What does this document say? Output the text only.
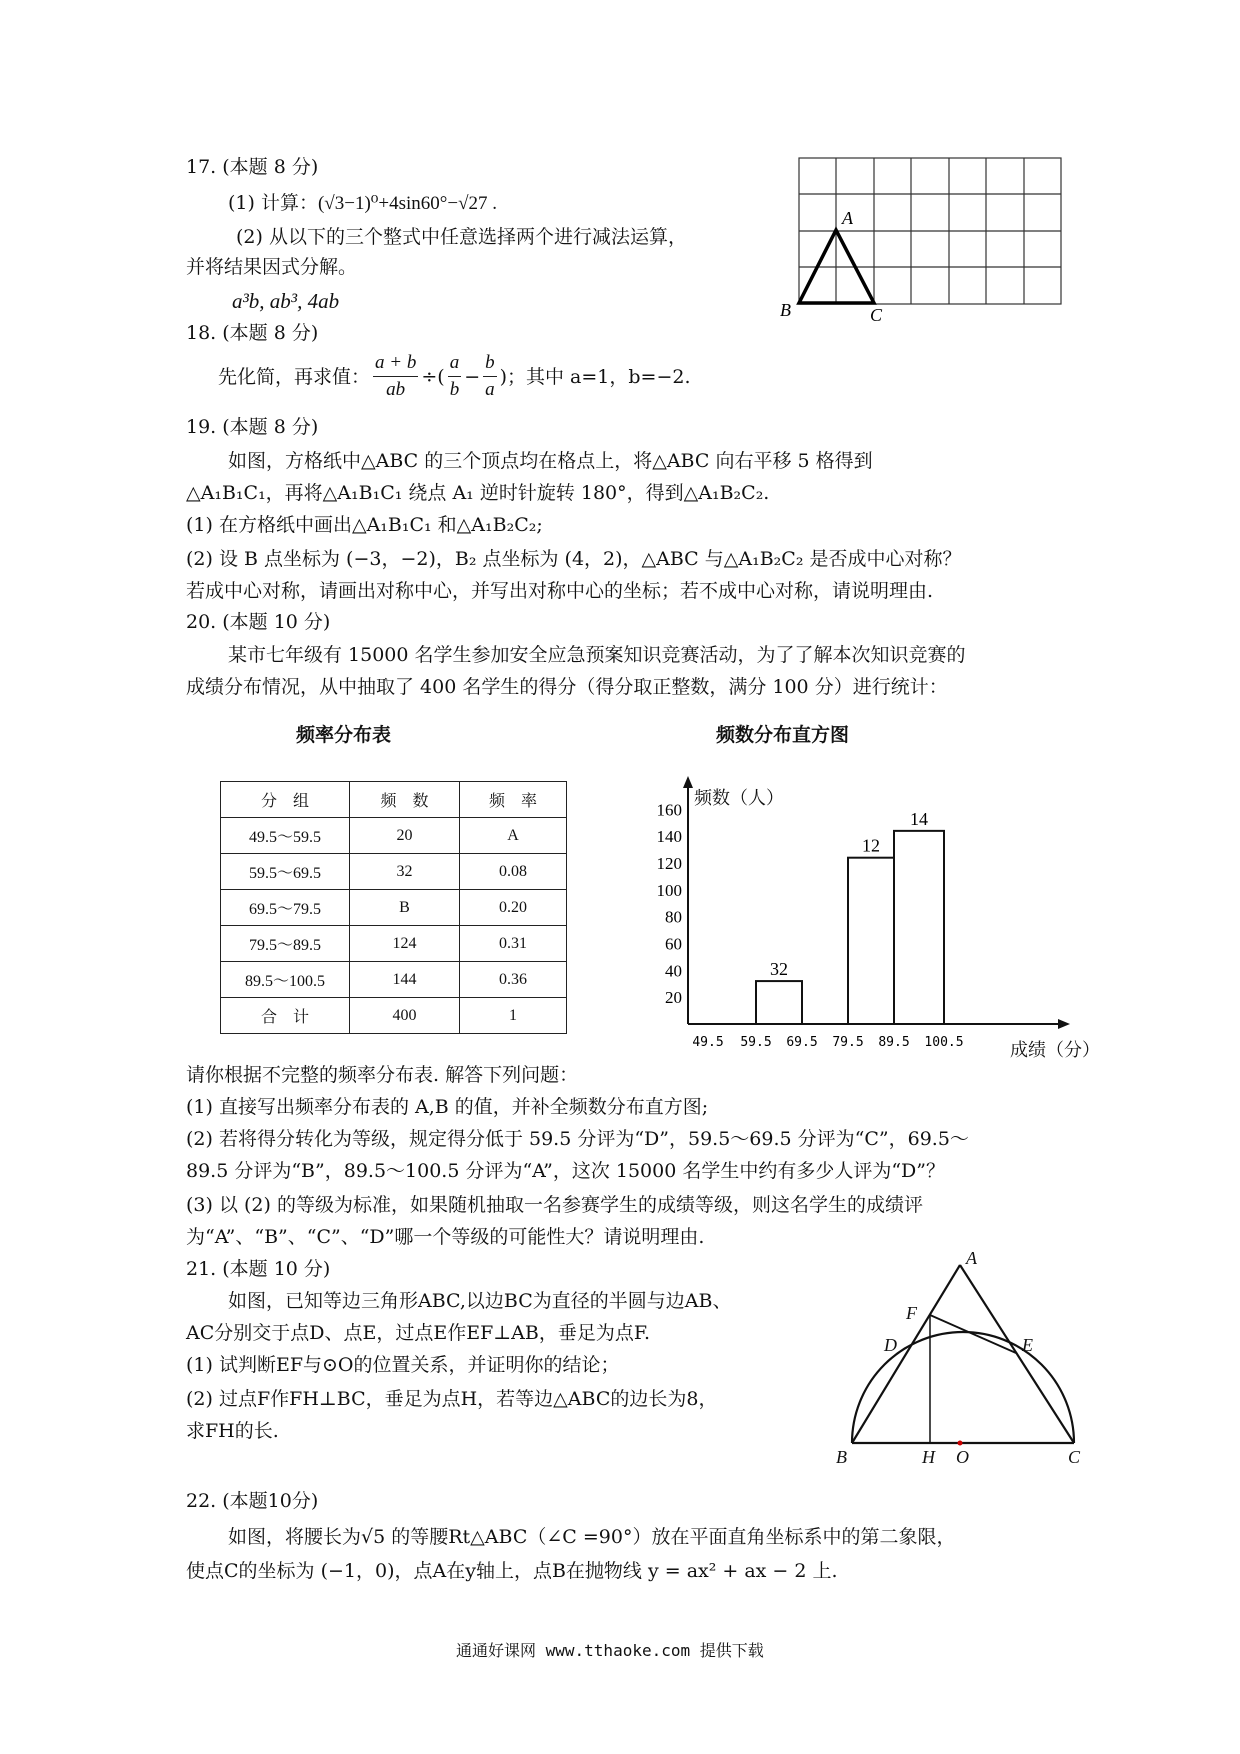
17. (本题 8 分)
(1) 计算：(√3−1)⁰+4sin60°−√27 .
(2) 从以下的三个整式中任意选择两个进行减法运算，
并将结果因式分解。
a³b, ab³, 4ab
A
B	C
18. (本题 8 分)
先化简，再求值： $\frac{a + b}{ab}$ ÷( $\frac{a}{b} - \frac{b}{a}$ )；其中 a=1，b=−2.
19. (本题 8 分)
如图，方格纸中△ABC 的三个顶点均在格点上，将△ABC 向右平移 5 格得到
△A₁B₁C₁，再将△A₁B₁C₁ 绕点 A₁ 逆时针旋转 180°，得到△A₁B₂C₂.
(1) 在方格纸中画出△A₁B₁C₁ 和△A₁B₂C₂;
(2) 设 B 点坐标为 (−3，−2)，B₂ 点坐标为 (4，2)，△ABC 与△A₁B₂C₂ 是否成中心对称？
若成中心对称，请画出对称中心，并写出对称中心的坐标；若不成中心对称，请说明理由.
20. (本题 10 分)
某市七年级有 15000 名学生参加安全应急预案知识竞赛活动，为了了解本次知识竞赛的
成绩分布情况，从中抽取了 400 名学生的得分（得分取正整数，满分 100 分）进行统计：
频率分布表	频数分布直方图
分　组	频　数	频　率
49.5～59.5	20	A
59.5～69.5	32	0.08
69.5～79.5	B	0.20
79.5～89.5	124	0.31
89.5～100.5	144	0.36
合　计	400	1
频数（人）
成绩（分）
20
40
60
80
100
120
140
160
49.5 59.5 69.5 79.5 89.5 100.5
32
12
14
请你根据不完整的频率分布表. 解答下列问题：
(1) 直接写出频率分布表的 A,B 的值，并补全频数分布直方图;
(2) 若将得分转化为等级，规定得分低于 59.5 分评为“D”，59.5～69.5 分评为“C”，69.5～
89.5 分评为“B”，89.5～100.5 分评为“A”，这次 15000 名学生中约有多少人评为“D”？
(3) 以 (2) 的等级为标准，如果随机抽取一名参赛学生的成绩等级，则这名学生的成绩评
为“A”、“B”、“C”、“D”哪一个等级的可能性大？请说明理由.
21. (本题 10 分)
如图，已知等边三角形ABC,以边BC为直径的半圆与边AB、
AC分别交于点D、点E，过点E作EF⊥AB，垂足为点F.
(1) 试判断EF与⊙O的位置关系，并证明你的结论；
(2) 过点F作FH⊥BC，垂足为点H，若等边△ABC的边长为8，
求FH的长.
A
F
D	E
B	H O	C
22. (本题10分)
如图，将腰长为√5 的等腰Rt△ABC（∠C =90°）放在平面直角坐标系中的第二象限，
使点C的坐标为 (−1，0)，点A在y轴上，点B在抛物线 y = ax² + ax − 2 上.
通通好课网 www.tthaoke.com 提供下载
